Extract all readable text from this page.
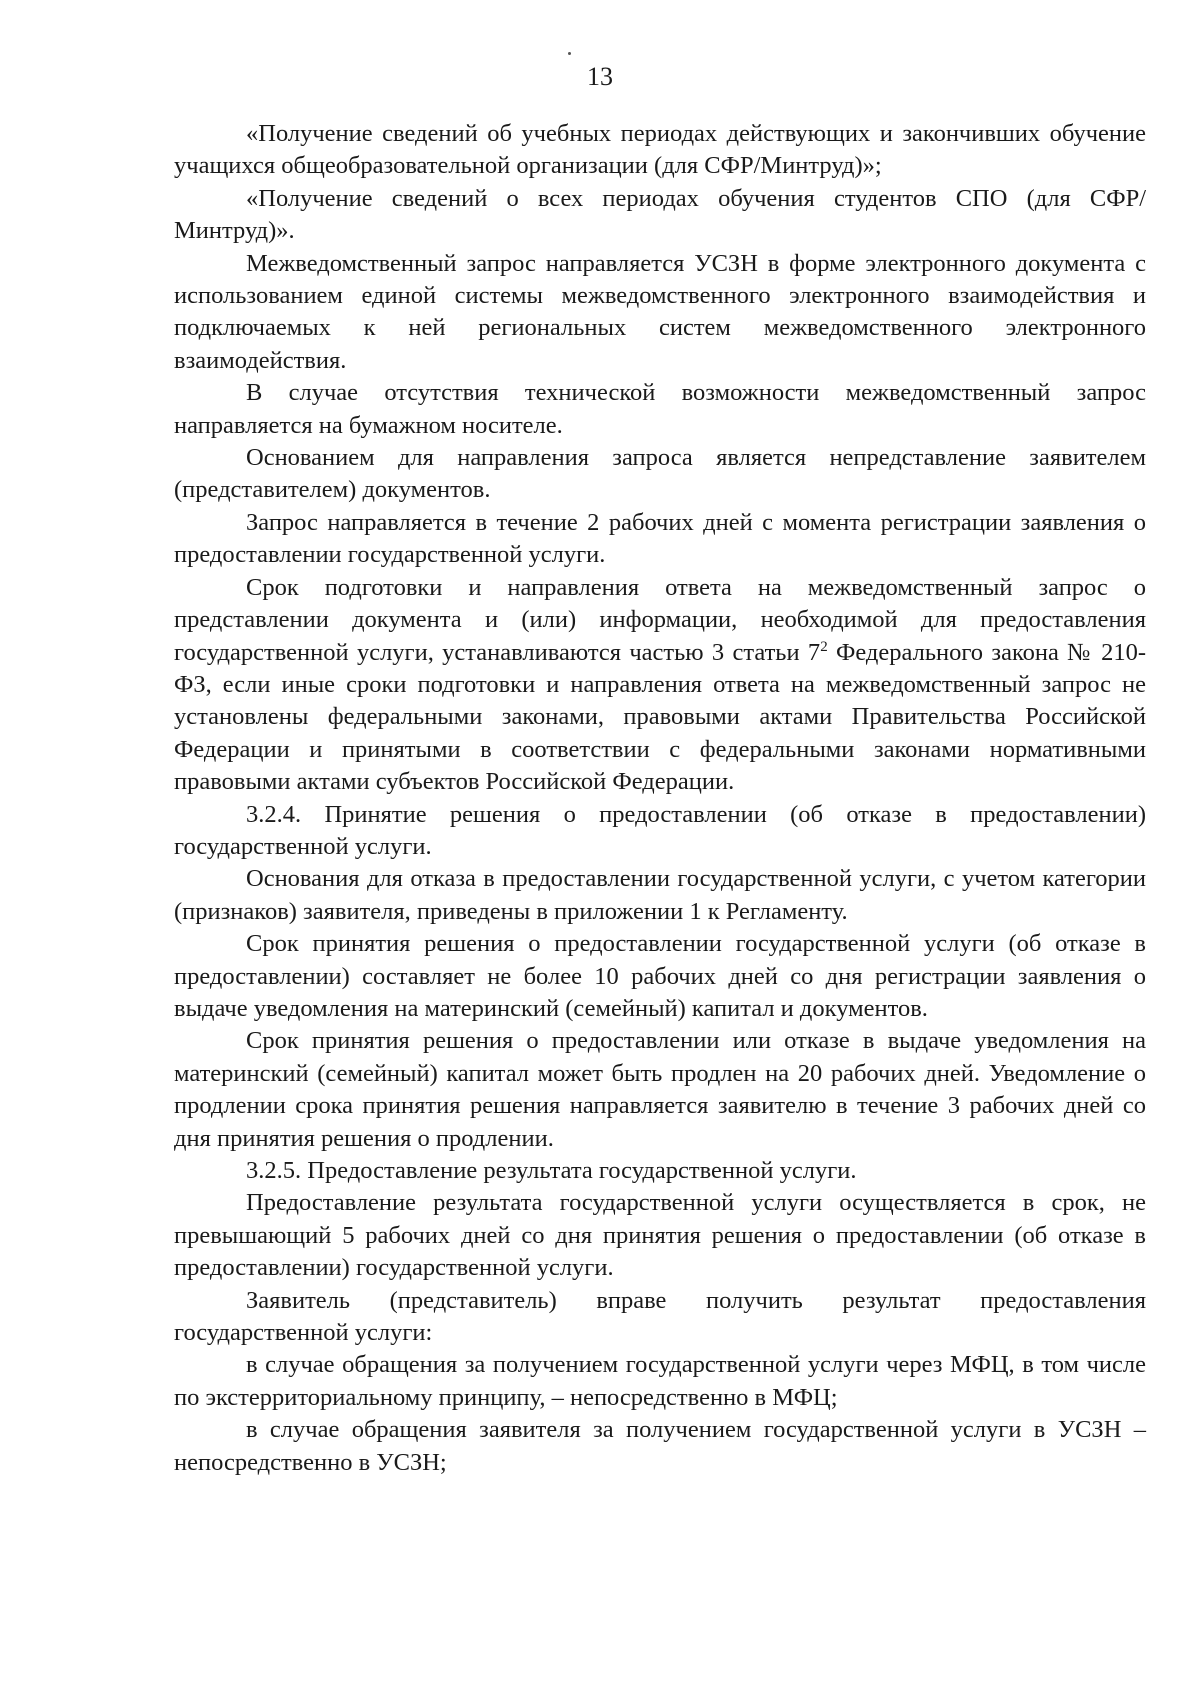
13

«Получение сведений об учебных периодах действующих и закончивших обучение учащихся общеобразовательной организации (для СФР/Минтруд)»;

«Получение сведений о всех периодах обучения студентов СПО (для СФР/Минтруд)».

Межведомственный запрос направляется УСЗН в форме электронного документа с использованием единой системы межведомственного электронного взаимодействия и подключаемых к ней региональных систем межведомственного электронного взаимодействия.

В случае отсутствия технической возможности межведомственный запрос направляется на бумажном носителе.

Основанием для направления запроса является непредставление заявителем (представителем) документов.

Запрос направляется в течение 2 рабочих дней с момента регистрации заявления о предоставлении государственной услуги.

Срок подготовки и направления ответа на межведомственный запрос о представлении документа и (или) информации, необходимой для предоставления государственной услуги, устанавливаются частью 3 статьи $7^2$ Федерального закона № 210-ФЗ, если иные сроки подготовки и направления ответа на межведомственный запрос не установлены федеральными законами, правовыми актами Правительства Российской Федерации и принятыми в соответствии с федеральными законами нормативными правовыми актами субъектов Российской Федерации.

3.2.4. Принятие решения о предоставлении (об отказе в предоставлении) государственной услуги.

Основания для отказа в предоставлении государственной услуги, с учетом категории (признаков) заявителя, приведены в приложении 1 к Регламенту.

Срок принятия решения о предоставлении государственной услуги (об отказе в предоставлении) составляет не более 10 рабочих дней со дня регистрации заявления о выдаче уведомления на материнский (семейный) капитал и документов.

Срок принятия решения о предоставлении или отказе в выдаче уведомления на материнский (семейный) капитал может быть продлен на 20 рабочих дней. Уведомление о продлении срока принятия решения направляется заявителю в течение 3 рабочих дней со дня принятия решения о продлении.

3.2.5. Предоставление результата государственной услуги.

Предоставление результата государственной услуги осуществляется в срок, не превышающий 5 рабочих дней со дня принятия решения о предоставлении (об отказе в предоставлении) государственной услуги.

Заявитель (представитель) вправе получить результат предоставления государственной услуги:

в случае обращения за получением государственной услуги через МФЦ, в том числе по экстерриториальному принципу, – непосредственно в МФЦ;

в случае обращения заявителя за получением государственной услуги в УСЗН – непосредственно в УСЗН;
